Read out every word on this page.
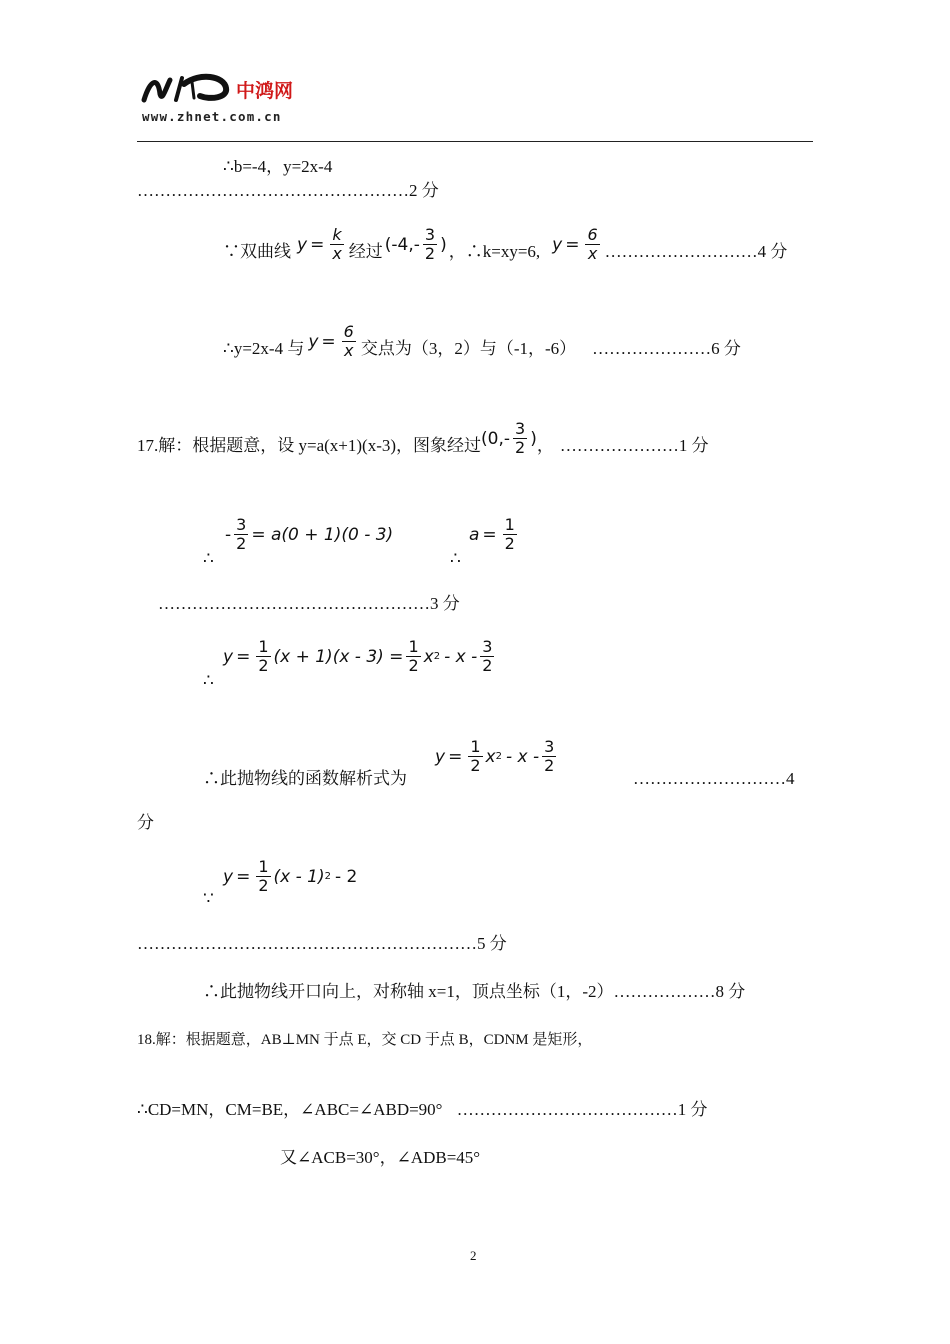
中鸿网
www.zhnet.com.cn
∴b=-4，y=2x-4
…………………………………………2 分
∵双曲线 $y = \frac{k}{x}$ 经过 ($-4,- \frac{3}{2}$ ) ，∴k=xy=6, $y = \frac{6}{x}$ ………………………4 分
∴y=2x-4 与 $y = \frac{6}{x}$ 交点为（3，2）与（-1，-6） …………………6 分
17.解：根据题意，设 y=a(x+1)(x-3)，图象经过 ($0,- \frac{3}{2}$ ) ， …………………1 分
∴
- $\frac{3}{2} = a(0 + 1)(0 - 3)$
∴
$a = \frac{1}{2}$
…………………………………………3 分
∴
$y = \frac{1}{2} (x + 1)(x - 3) = \frac{1}{2}$ x 2 - x - $\frac{3}{2}$
∴此抛物线的函数解析式为
$y = \frac{1}{2}$ x 2 - x - $\frac{3}{2}$
………………………4
分
∵
$y = \frac{1}{2} (x - 1)$ 2 - 2
……………………………………………………5 分
∴此抛物线开口向上，对称轴 x=1，顶点坐标（1，-2）………………8 分
18.解：根据题意，AB⊥MN 于点 E，交 CD 于点 B，CDNM 是矩形，
∴CD=MN，CM=BE，∠ABC=∠ABD=90° …………………………………1 分
又∠ACB=30°，∠ADB=45°
2
